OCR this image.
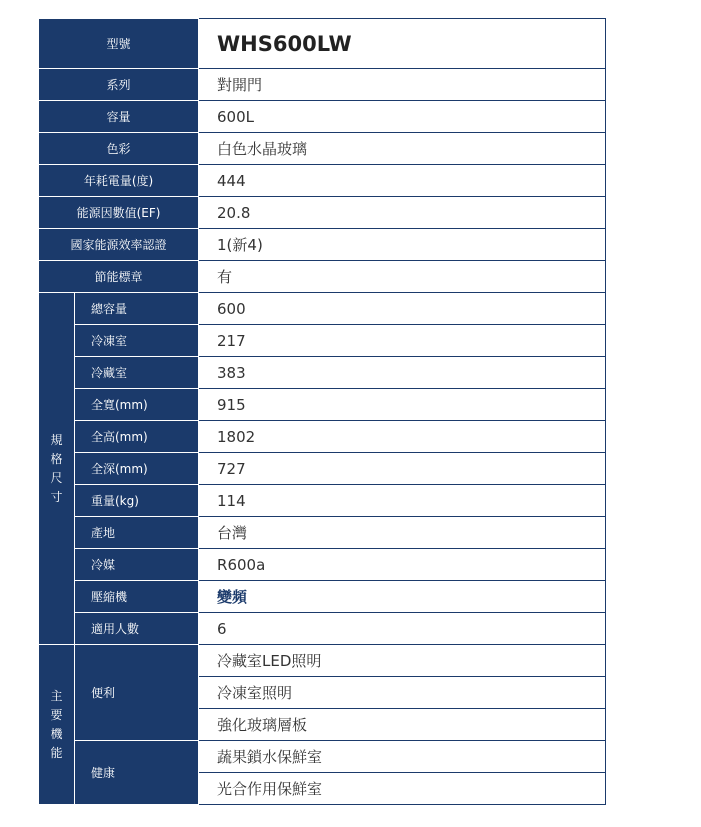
型號		WHS600LW
系列		對開門
容量		600L
色彩		白色水晶玻璃
年耗電量(度)		444
能源因數值(EF)		20.8
國家能源效率認證		1(新4)
節能標章		有

規格尺寸	總容量	600
	冷凍室	217
	冷藏室	383
	全寬(mm)	915
	全高(mm)	1802
	全深(mm)	727
	重量(kg)	114
	產地	台灣
	冷媒	R600a
	壓縮機	變頻
	適用人數	6

主要機能	便利	冷藏室LED照明
		冷凍室照明
		強化玻璃層板
	健康	蔬果鎖水保鮮室
		光合作用保鮮室
